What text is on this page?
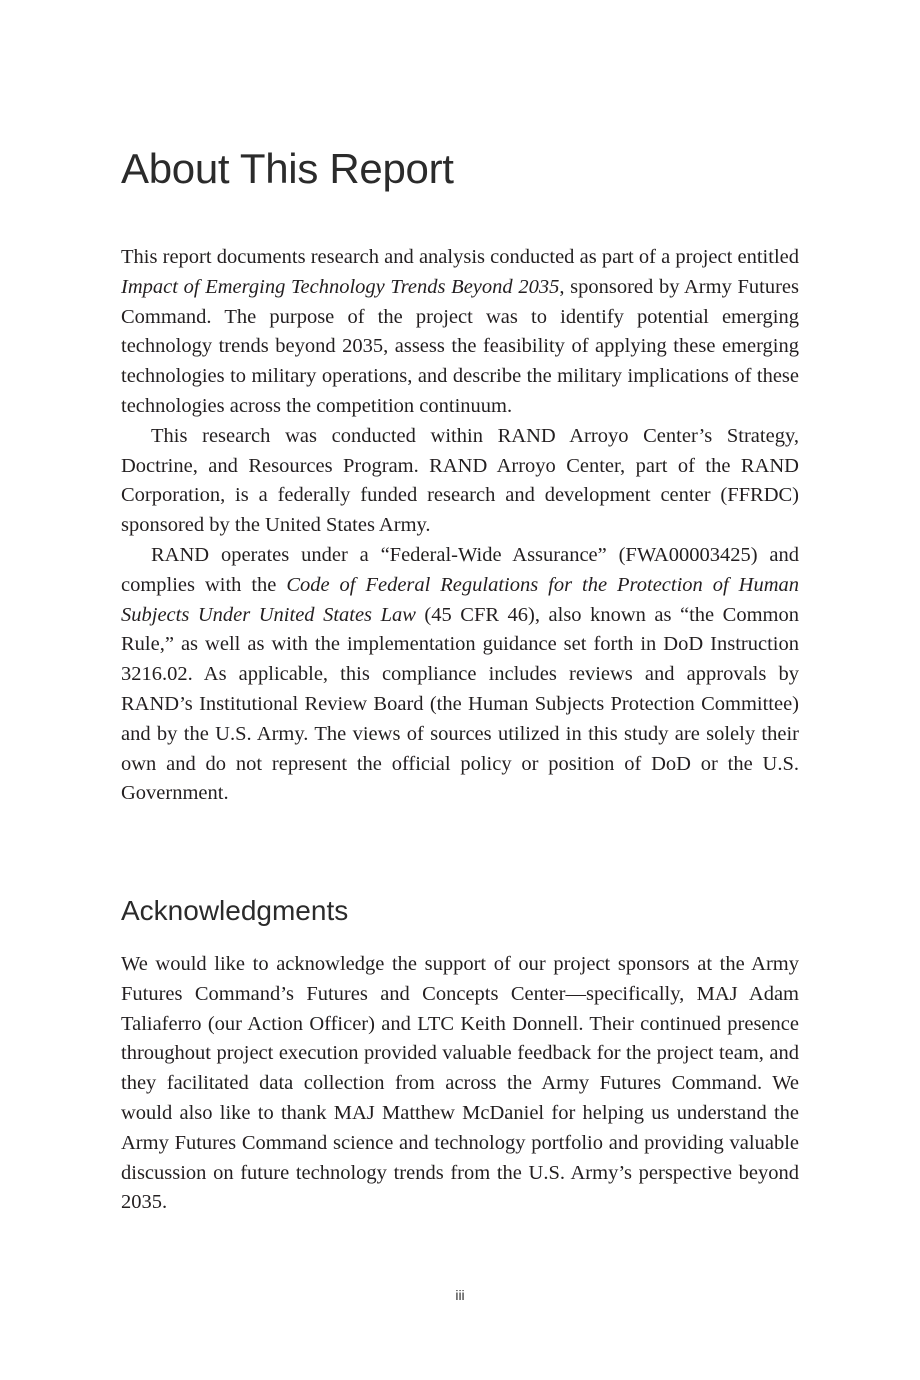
About This Report

This report documents research and analysis conducted as part of a project entitled Impact of Emerging Technology Trends Beyond 2035, sponsored by Army Futures Command. The purpose of the project was to identify potential emerging technology trends beyond 2035, assess the feasibility of applying these emerging technologies to military operations, and describe the military implications of these technologies across the competition continuum.

This research was conducted within RAND Arroyo Center’s Strategy, Doctrine, and Resources Program. RAND Arroyo Center, part of the RAND Corporation, is a federally funded research and development center (FFRDC) sponsored by the United States Army.

RAND operates under a “Federal-Wide Assurance” (FWA00003425) and complies with the Code of Federal Regulations for the Protection of Human Subjects Under United States Law (45 CFR 46), also known as “the Common Rule,” as well as with the implementation guidance set forth in DoD Instruction 3216.02. As applicable, this compliance includes reviews and approvals by RAND’s Institutional Review Board (the Human Subjects Protection Committee) and by the U.S. Army. The views of sources utilized in this study are solely their own and do not represent the official policy or position of DoD or the U.S. Government.

Acknowledgments

We would like to acknowledge the support of our project sponsors at the Army Futures Command’s Futures and Concepts Center—specifically, MAJ Adam Taliaferro (our Action Officer) and LTC Keith Donnell. Their continued presence throughout project execution provided valuable feedback for the project team, and they facilitated data collection from across the Army Futures Command. We would also like to thank MAJ Matthew McDaniel for helping us understand the Army Futures Command science and technology portfolio and providing valuable discussion on future technology trends from the U.S. Army’s perspective beyond 2035.

iii
